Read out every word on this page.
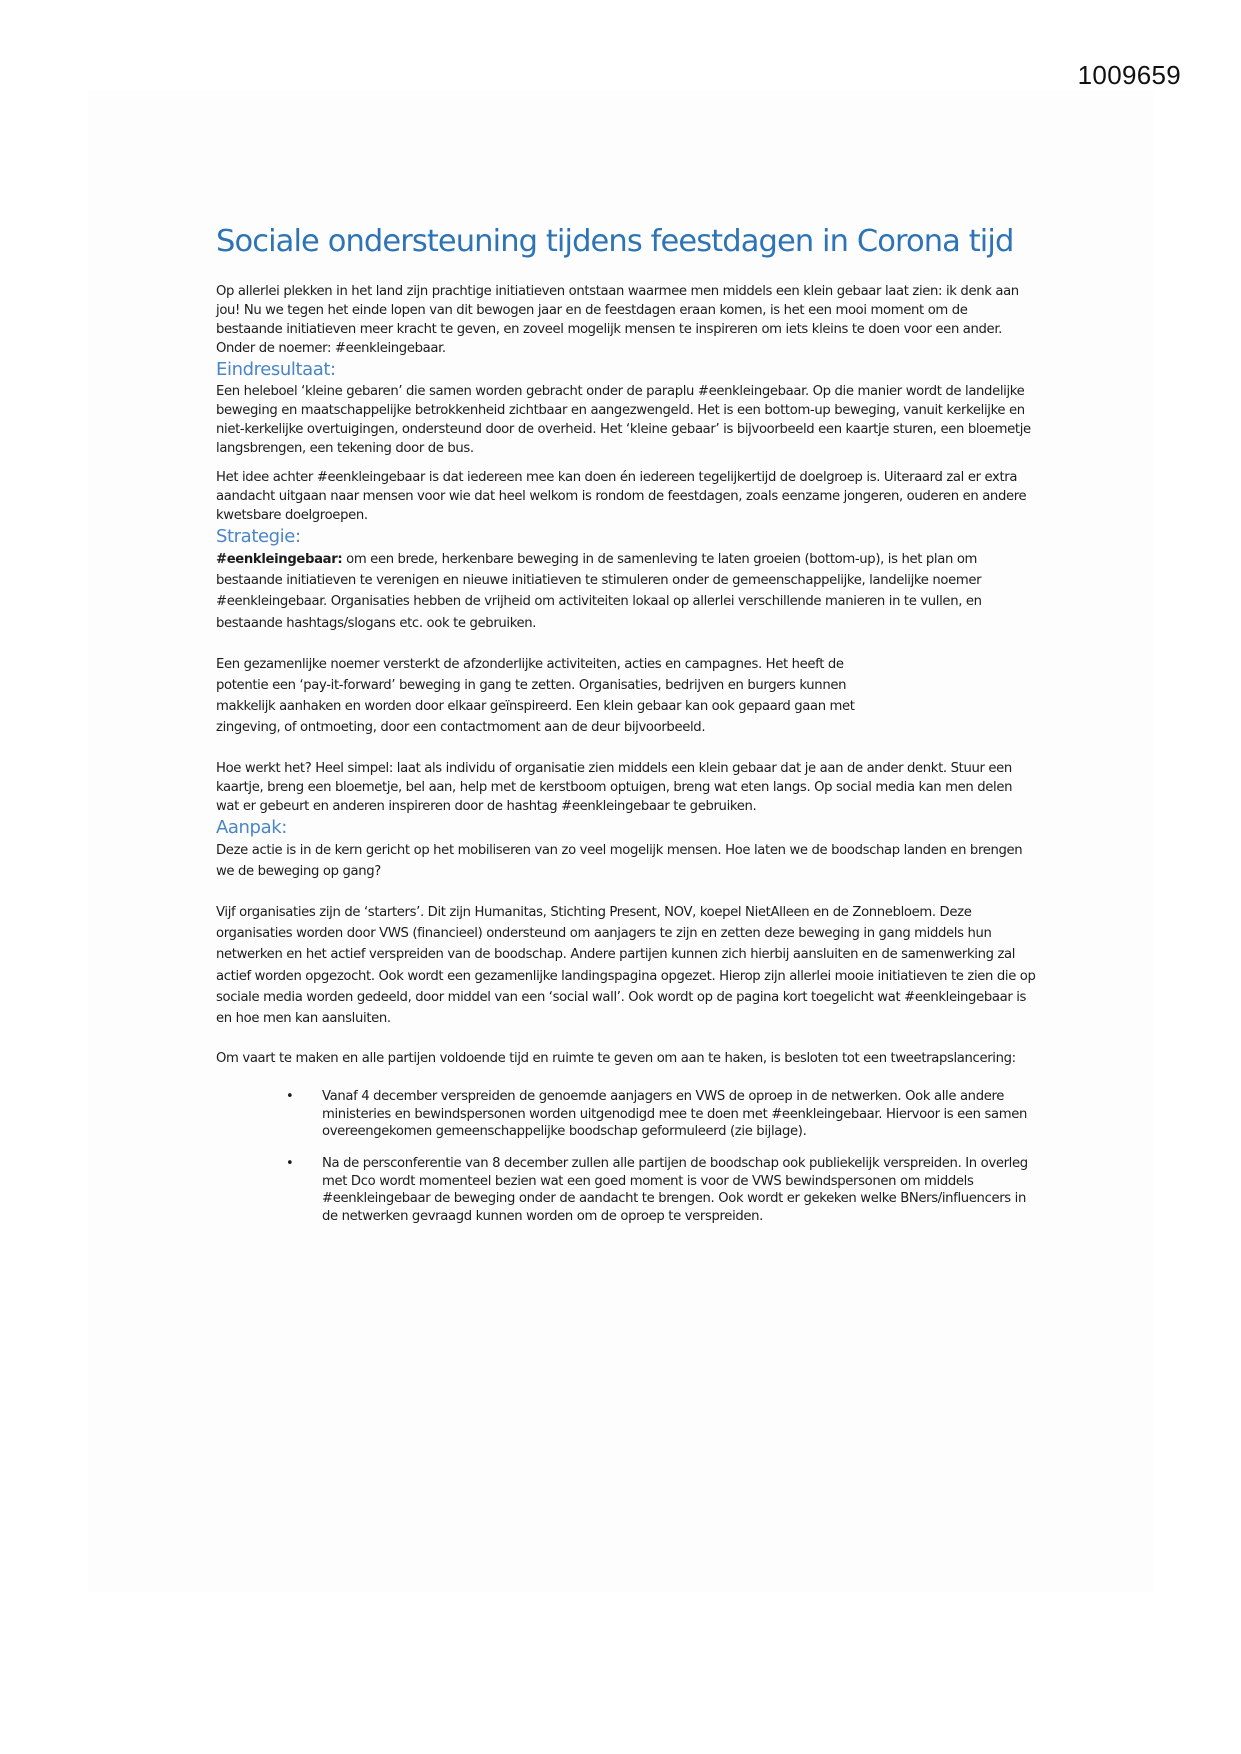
1009659
Sociale ondersteuning tijdens feestdagen in Corona tijd

Op allerlei plekken in het land zijn prachtige initiatieven ontstaan waarmee men middels een klein gebaar laat zien: ik denk aan jou! Nu we tegen het einde lopen van dit bewogen jaar en de feestdagen eraan komen, is het een mooi moment om de bestaande initiatieven meer kracht te geven, en zoveel mogelijk mensen te inspireren om iets kleins te doen voor een ander. Onder de noemer: #eenkleingebaar.

Eindresultaat:

Een heleboel ‘kleine gebaren’ die samen worden gebracht onder de paraplu #eenkleingebaar. Op die manier wordt de landelijke beweging en maatschappelijke betrokkenheid zichtbaar en aangezwengeld. Het is een bottom-up beweging, vanuit kerkelijke en niet-kerkelijke overtuigingen, ondersteund door de overheid. Het ‘kleine gebaar’ is bijvoorbeeld een kaartje sturen, een bloemetje langsbrengen, een tekening door de bus.

Het idee achter #eenkleingebaar is dat iedereen mee kan doen én iedereen tegelijkertijd de doelgroep is. Uiteraard zal er extra aandacht uitgaan naar mensen voor wie dat heel welkom is rondom de feestdagen, zoals eenzame jongeren, ouderen en andere kwetsbare doelgroepen.

Strategie:

#eenkleingebaar: om een brede, herkenbare beweging in de samenleving te laten groeien (bottom-up), is het plan om bestaande initiatieven te verenigen en nieuwe initiatieven te stimuleren onder de gemeenschappelijke, landelijke noemer #eenkleingebaar. Organisaties hebben de vrijheid om activiteiten lokaal op allerlei verschillende manieren in te vullen, en bestaande hashtags/slogans etc. ook te gebruiken.

Een gezamenlijke noemer versterkt de afzonderlijke activiteiten, acties en campagnes. Het heeft de potentie een ‘pay-it-forward’ beweging in gang te zetten. Organisaties, bedrijven en burgers kunnen makkelijk aanhaken en worden door elkaar geïnspireerd. Een klein gebaar kan ook gepaard gaan met zingeving, of ontmoeting, door een contactmoment aan de deur bijvoorbeeld.

Hoe werkt het? Heel simpel: laat als individu of organisatie zien middels een klein gebaar dat je aan de ander denkt. Stuur een kaartje, breng een bloemetje, bel aan, help met de kerstboom optuigen, breng wat eten langs. Op social media kan men delen wat er gebeurt en anderen inspireren door de hashtag #eenkleingebaar te gebruiken.

Aanpak:

Deze actie is in de kern gericht op het mobiliseren van zo veel mogelijk mensen. Hoe laten we de boodschap landen en brengen we de beweging op gang?

Vijf organisaties zijn de ‘starters’. Dit zijn Humanitas, Stichting Present, NOV, koepel NietAlleen en de Zonnebloem. Deze organisaties worden door VWS (financieel) ondersteund om aanjagers te zijn en zetten deze beweging in gang middels hun netwerken en het actief verspreiden van de boodschap. Andere partijen kunnen zich hierbij aansluiten en de samenwerking zal actief worden opgezocht. Ook wordt een gezamenlijke landingspagina opgezet. Hierop zijn allerlei mooie initiatieven te zien die op sociale media worden gedeeld, door middel van een ‘social wall’. Ook wordt op de pagina kort toegelicht wat #eenkleingebaar is en hoe men kan aansluiten.

Om vaart te maken en alle partijen voldoende tijd en ruimte te geven om aan te haken, is besloten tot een tweetrapslancering:

• Vanaf 4 december verspreiden de genoemde aanjagers en VWS de oproep in de netwerken. Ook alle andere ministeries en bewindspersonen worden uitgenodigd mee te doen met #eenkleingebaar. Hiervoor is een samen overeengekomen gemeenschappelijke boodschap geformuleerd (zie bijlage).
• Na de persconferentie van 8 december zullen alle partijen de boodschap ook publiekelijk verspreiden. In overleg met Dco wordt momenteel bezien wat een goed moment is voor de VWS bewindspersonen om middels #eenkleingebaar de beweging onder de aandacht te brengen. Ook wordt er gekeken welke BNers/influencers in de netwerken gevraagd kunnen worden om de oproep te verspreiden.
